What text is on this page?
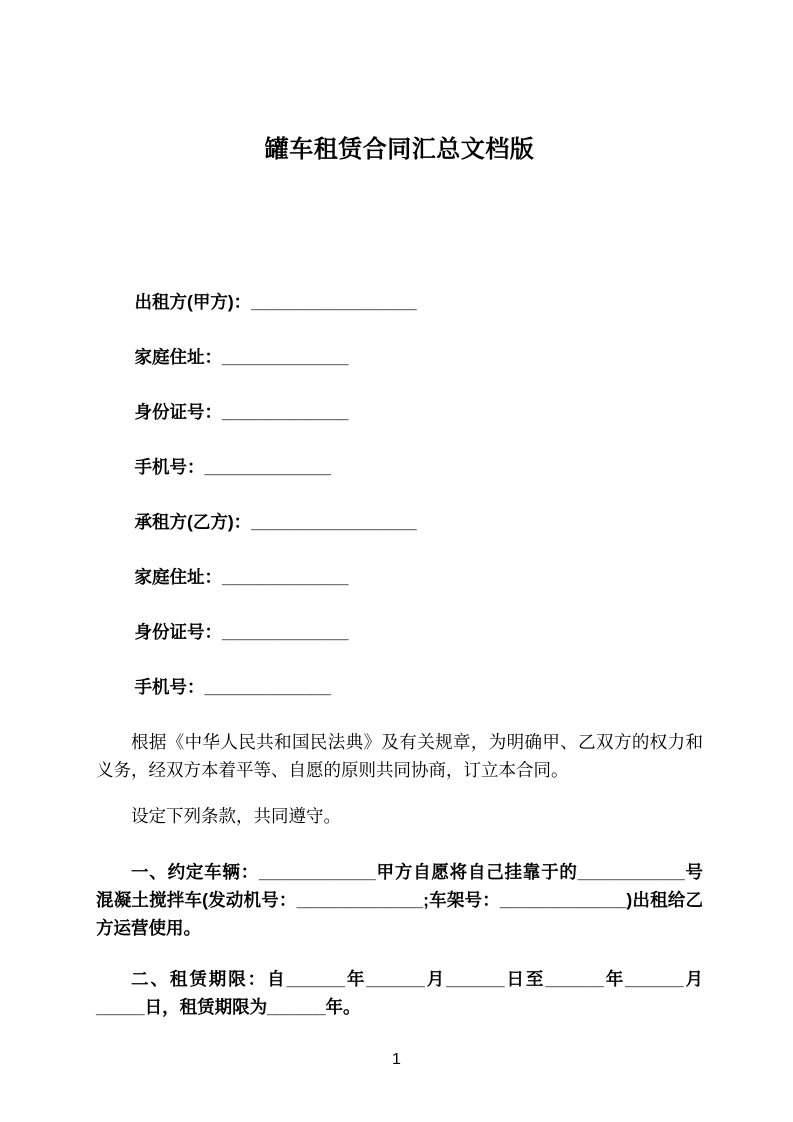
罐车租赁合同汇总文档版

出租方(甲方)：_________________

家庭住址：_____________

身份证号：_____________

手机号：_____________

承租方(乙方)：_________________

家庭住址：_____________

身份证号：_____________

手机号：_____________

根据《中华人民共和国民法典》及有关规章，为明确甲、乙双方的权力和义务，经双方本着平等、自愿的原则共同协商，订立本合同。

设定下列条款，共同遵守。

一、约定车辆：____________甲方自愿将自己挂靠于的___________号混凝土搅拌车(发动机号：_____________;车架号：_____________)出租给乙方运营使用。

二、租赁期限：自______年______月______日至______年______月_____日，租赁期限为______年。

1
